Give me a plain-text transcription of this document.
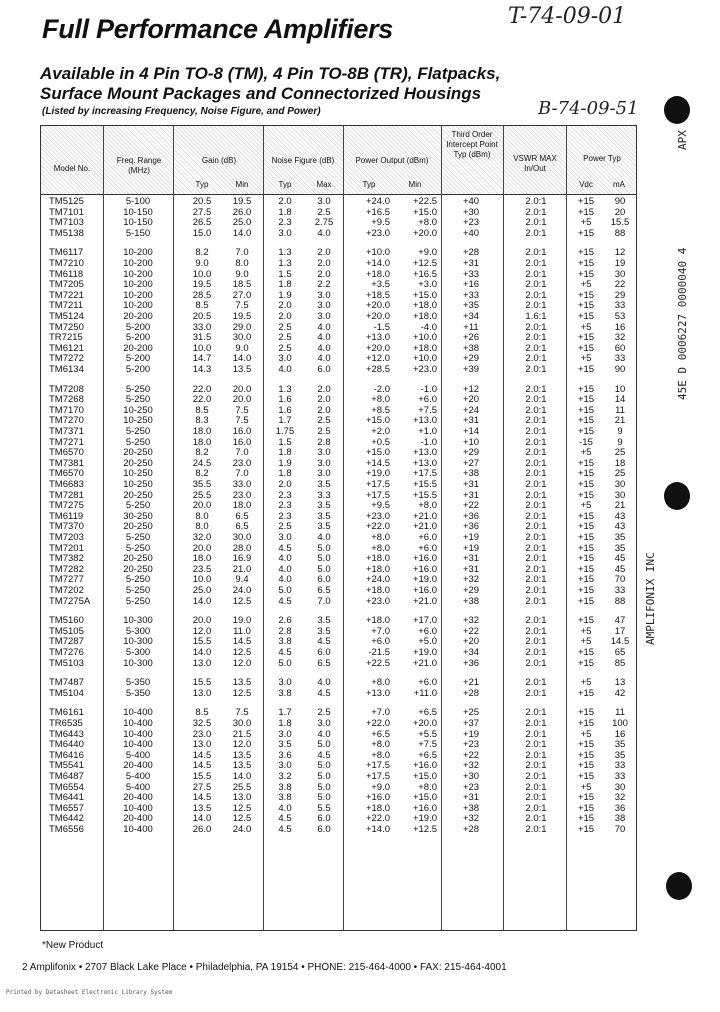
T-74-09-01
Full Performance Amplifiers
Available in 4 Pin TO-8 (TM), 4 Pin TO-8B (TR), Flatpacks,
Surface Mount Packages and Connectorized Housings
(Listed by increasing Frequency, Noise Figure, and Power)	B-74-09-51
APX
45E D 0006227 0000040 4
AMPLIFONIX INC
Model No.
Freq. Range (MHz)
Gain (dB)
Typ	Min
Noise Figure (dB)
Typ	Max
Power Output (dBm)
Typ	Min
Third Order Intercept Point Typ (dBm)	VSWR MAX In/Out
Power Typ
Vdc	mA
TM5125	5-100	20.5	19.5	2.0	3.0	+24.0	+22.5	+40	2.0:1	+15	90
TM7101	10-150	27.5	26.0	1.8	2.5	+16.5	+15.0	+30	2.0:1	+15	20
TM7103	10-150	26.5	25.0	2.3	2.75	+9.5	+8.0	+23	2.0:1	+5	15.5
TM5138	5-150	15.0	14.0	3.0	4.0	+23.0	+20.0	+40	2.0:1	+15	88
TM6117	10-200	8.2	7.0	1.3	2.0	+10.0	+9.0	+28	2.0:1	+15	12
TM7210	10-200	9.0	8.0	1.3	2.0	+14.0	+12.5	+31	2.0:1	+15	19
TM6118	10-200	10.0	9.0	1.5	2.0	+18.0	+16.5	+33	2.0:1	+15	30
TM7205	10-200	19.5	18.5	1.8	2.2	+3.5	+3.0	+16	2.0:1	+5	22
TM7221	10-200	28.5	27.0	1.9	3.0	+18.5	+15.0	+33	2.0:1	+15	29
TM7211	10-200	8.5	7.5	2.0	3.0	+20.0	+18.0	+35	2.0:1	+15	33
TM5124	20-200	20.5	19.5	2.0	3.0	+20.0	+18.0	+34	1.6:1	+15	53
TM7250	5-200	33.0	29.0	2.5	4.0	-1.5	-4.0	+11	2.0:1	+5	16
TR7215	5-200	31.5	30.0	2.5	4.0	+13.0	+10.0	+26	2.0:1	+15	32
TM6121	20-200	10.0	9.0	2.5	4.0	+20.0	+18.0	+38	2.0:1	+15	60
TM7272	5-200	14.7	14.0	3.0	4.0	+12.0	+10.0	+29	2.0:1	+5	33
TM6134	5-200	14.3	13.5	4.0	6.0	+28.5	+23.0	+39	2.0:1	+15	90
TM7208	5-250	22.0	20.0	1.3	2.0	-2.0	-1.0	+12	2.0:1	+15	10
TM7268	5-250	22.0	20.0	1.6	2.0	+8.0	+6.0	+20	2.0:1	+15	14
TM7170	10-250	8.5	7.5	1.6	2.0	+8.5	+7.5	+24	2.0:1	+15	11
TM7270	10-250	8.3	7.5	1.7	2.5	+15.0	+13.0	+31	2.0:1	+15	21
TM7371	5-250	18.0	16.0	1.75	2.5	+2.0	+1.0	+14	2.0:1	+15	9
TM7271	5-250	18.0	16.0	1.5	2.8	+0.5	-1.0	+10	2.0:1	-15	9
TM6570	20-250	8.2	7.0	1.8	3.0	+15.0	+13.0	+29	2.0:1	+5	25
TM7381	20-250	24.5	23.0	1.9	3.0	+14.5	+13.0	+27	2.0:1	+15	18
TM6570	10-250	8.2	7.0	1.8	3.0	+19.0	+17.5	+38	2.0:1	+15	25
TM6683	10-250	35.5	33.0	2.0	3.5	+17.5	+15.5	+31	2.0:1	+15	30
TM7281	20-250	25.5	23.0	2.3	3.3	+17.5	+15.5	+31	2.0:1	+15	30
TM7275	5-250	20.0	18.0	2.3	3.5	+9.5	+8.0	+22	2.0:1	+5	21
TM6119	30-250	8.0	6.5	2.3	3.5	+23.0	+21.0	+36	2.0:1	+15	43
TM7370	20-250	8.0	6.5	2.5	3.5	+22.0	+21.0	+36	2.0:1	+15	43
TM7203	5-250	32.0	30.0	3.0	4.0	+8.0	+6.0	+19	2.0:1	+15	35
TM7201	5-250	20.0	28.0	4.5	5.0	+8.0	+6.0	+19	2.0:1	+15	35
TM7382	20-250	18.0	16.9	4.0	5.0	+18.0	+16.0	+31	2.0:1	+15	45
TM7282	20-250	23.5	21.0	4.0	5.0	+18.0	+16.0	+31	2.0:1	+15	45
TM7277	5-250	10.0	9.4	4.0	6.0	+24.0	+19.0	+32	2.0:1	+15	70
TM7202	5-250	25.0	24.0	5.0	6.5	+18.0	+16.0	+29	2.0:1	+15	33
TM7275A	5-250	14.0	12.5	4.5	7.0	+23.0	+21.0	+38	2.0:1	+15	88
TM5160	10-300	20.0	19.0	2.6	3.5	+18.0	+17.0	+32	2.0:1	+15	47
TM5105	5-300	12.0	11.0	2.8	3.5	+7.0	+6.0	+22	2.0:1	+5	17
TM7287	10-300	15.5	14.5	3.8	4.5	+6.0	+5.0	+20	2.0:1	+5	14.5
TM7276	5-300	14.0	12.5	4.5	6.0	-21.5	+19.0	+34	2.0:1	+15	65
TM5103	10-300	13.0	12.0	5.0	6.5	+22.5	+21.0	+36	2.0:1	+15	85
TM7487	5-350	15.5	13.5	3.0	4.0	+8.0	+6.0	+21	2.0:1	+5	13
TM5104	5-350	13.0	12.5	3.8	4.5	+13.0	+11.0	+28	2.0:1	+15	42
TM6161	10-400	8.5	7.5	1.7	2.5	+7.0	+6.5	+25	2.0:1	+15	11
TR6535	10-400	32.5	30.0	1.8	3.0	+22.0	+20.0	+37	2.0:1	+15	100
TM6443	10-400	23.0	21.5	3.0	4.0	+6.5	+5.5	+19	2.0:1	+5	16
TM6440	10-400	13.0	12.0	3.5	5.0	+8.0	+7.5	+23	2.0:1	+15	35
TM6416	5-400	14.5	13.5	3.6	4.5	+8.0	+6.5	+22	2.0:1	+15	35
TM5541	20-400	14.5	13.5	3.0	5.0	+17.5	+16.0	+32	2.0:1	+15	33
TM6487	5-400	15.5	14.0	3.2	5.0	+17.5	+15.0	+30	2.0:1	+15	33
TM6554	5-400	27.5	25.5	3.8	5.0	+9.0	+8.0	+23	2.0:1	+5	30
TM6441	20-400	14.5	13.0	3.8	5.0	+16.0	+15.0	+31	2.0:1	+15	32
TM6557	10-400	13.5	12.5	4.0	5.5	+18.0	+16.0	+38	2.0:1	+15	36
TM6442	20-400	14.0	12.5	4.5	6.0	+22.0	+19.0	+32	2.0:1	+15	38
TM6556	10-400	26.0	24.0	4.5	6.0	+14.0	+12.5	+28	2.0:1	+15	70
*New Product
2 Amplifonix • 2707 Black Lake Place • Philadelphia, PA 19154 • PHONE: 215-464-4000 • FAX: 215-464-4001
Printed by Datasheet Electronic Library System
